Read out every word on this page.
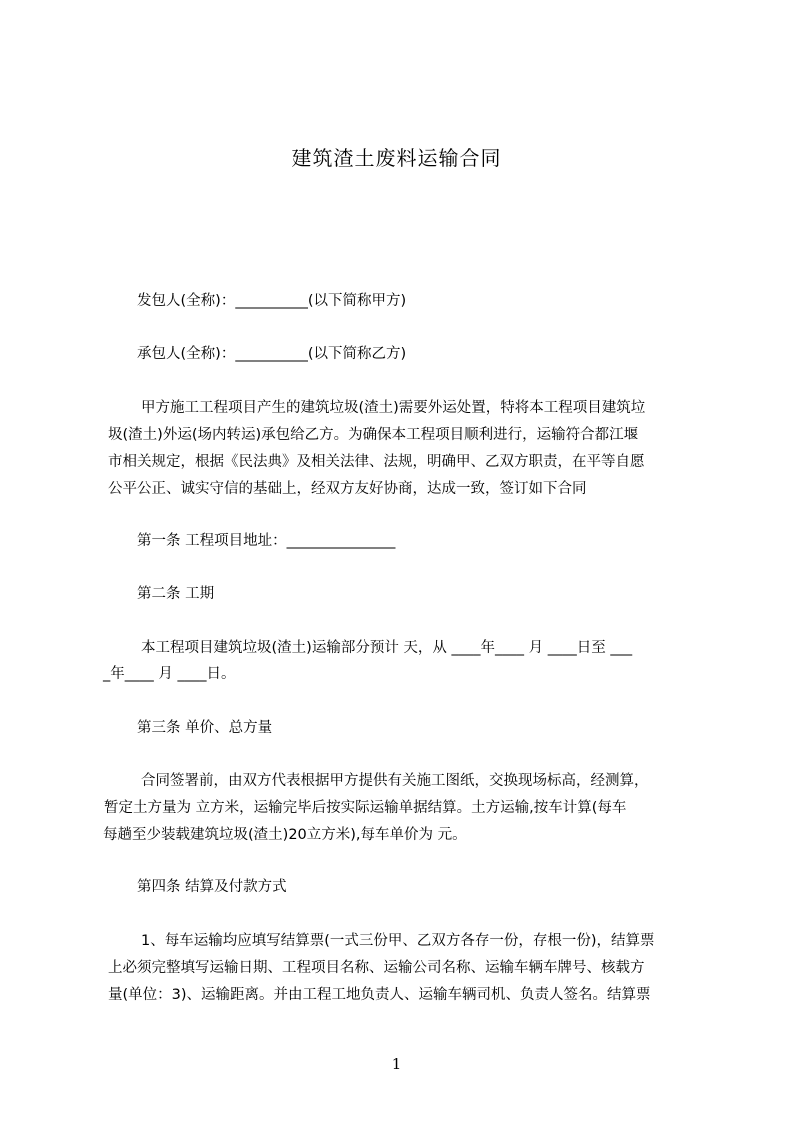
建筑渣土废料运输合同
发包人(全称)：__________(以下简称甲方)
承包人(全称)：__________(以下简称乙方)
甲方施工工程项目产生的建筑垃圾(渣土)需要外运处置，特将本工程项目建筑垃
圾(渣土)外运(场内转运)承包给乙方。为确保本工程项目顺利进行，运输符合都江堰
市相关规定，根据《民法典》及相关法律、法规，明确甲、乙双方职责，在平等自愿
公平公正、诚实守信的基础上，经双方友好协商，达成一致，签订如下合同
第一条 工程项目地址：_______________
第二条 工期
本工程项目建筑垃圾(渣土)运输部分预计 天，从 ____年____ 月 ____日至 ___
_年____ 月 ____日。
第三条 单价、总方量
合同签署前，由双方代表根据甲方提供有关施工图纸，交换现场标高，经测算，
暂定土方量为 立方米，运输完毕后按实际运输单据结算。土方运输,按车计算(每车
每趟至少装载建筑垃圾(渣土)20立方米),每车单价为 元。
第四条 结算及付款方式
1、每车运输均应填写结算票(一式三份甲、乙双方各存一份，存根一份)，结算票
上必须完整填写运输日期、工程项目名称、运输公司名称、运输车辆车牌号、核载方
量(单位：3)、运输距离。并由工程工地负责人、运输车辆司机、负责人签名。结算票
1
